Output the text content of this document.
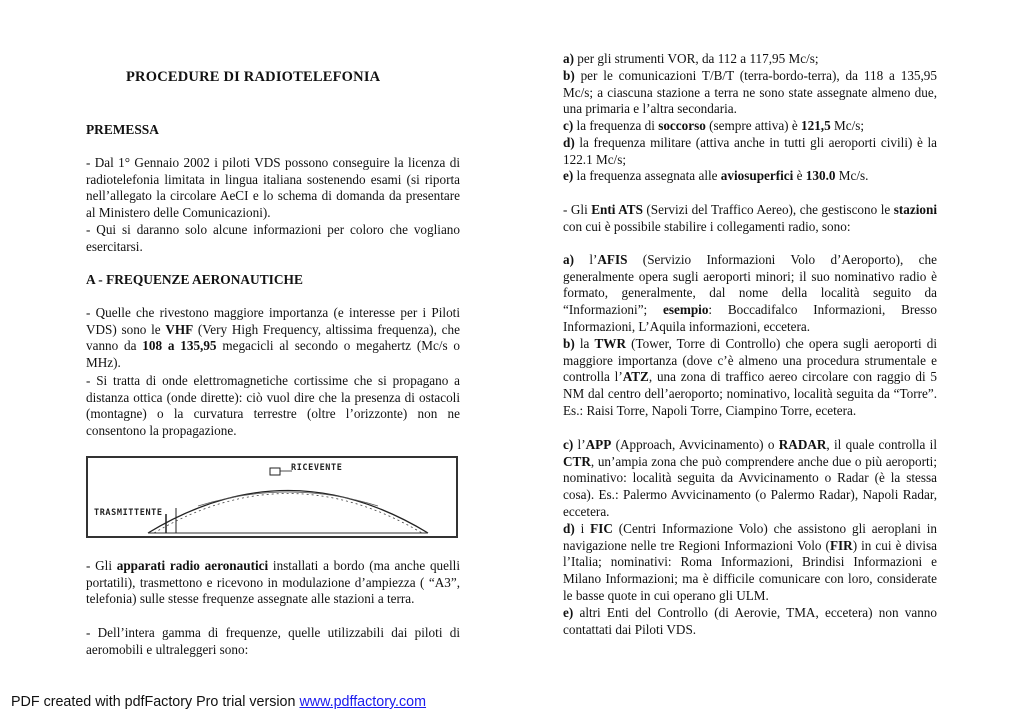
PROCEDURE DI RADIOTELEFONIA
PREMESSA

- Dal 1° Gennaio 2002 i piloti VDS possono conseguire la licenza di radiotelefonia limitata in lingua italiana sostenendo esami (si riporta nell’allegato la circolare AeCI e lo schema di domanda da presentare al Ministero delle Comunicazioni).

- Qui si daranno solo alcune informazioni per coloro che vogliano esercitarsi.

A - FREQUENZE AERONAUTICHE

- Quelle che rivestono maggiore importanza (e interesse per i Piloti VDS) sono le VHF (Very High Frequency, altissima frequenza), che vanno da 108 a 135,95 megacicli al secondo o megahertz (Mc/s o MHz).

- Si tratta di onde elettromagnetiche cortissime che si propagano a distanza ottica (onde dirette): ciò vuol dire che la presenza di ostacoli (montagne) o la curvatura terrestre (oltre l’orizzonte) non ne consentono la propagazione.

RICEVENTE
TRASMITTENTE

- Gli apparati radio aeronautici installati a bordo (ma anche quelli portatili), trasmettono e ricevono in modulazione d’ampiezza ( “A3”, telefonia) sulle stesse frequenze assegnate alle stazioni a terra.

- Dell’intera gamma di frequenze, quelle utilizzabili dai piloti di aeromobili e ultraleggeri sono:

a) per gli strumenti VOR, da 112 a 117,95 Mc/s;

b) per le comunicazioni T/B/T (terra-bordo-terra), da 118 a 135,95 Mc/s; a ciascuna stazione a terra ne sono state assegnate almeno due, una primaria e l’altra secondaria.

c) la frequenza di soccorso (sempre attiva) è 121,5 Mc/s;

d) la frequenza militare (attiva anche in tutti gli aeroporti civili) è la 122.1 Mc/s;

e) la frequenza assegnata alle aviosuperfici è 130.0 Mc/s.

- Gli Enti ATS (Servizi del Traffico Aereo), che gestiscono le stazioni con cui è possibile stabilire i collegamenti radio, sono:

a) l’AFIS (Servizio Informazioni Volo d’Aeroporto), che generalmente opera sugli aeroporti minori; il suo nominativo radio è formato, generalmente, dal nome della località seguito da “Informazioni”; esempio: Boccadifalco Informazioni, Bresso Informazioni, L’Aquila informazioni, eccetera.

b) la TWR (Tower, Torre di Controllo) che opera sugli aeroporti di maggiore importanza (dove c’è almeno una procedura strumentale e controlla l’ATZ, una zona di traffico aereo circolare con raggio di 5 NM dal centro dell’aeroporto; nominativo, località seguita da “Torre”. Es.: Raisi Torre, Napoli Torre, Ciampino Torre, ecetera.

c) l’APP (Approach, Avvicinamento) o RADAR, il quale controlla il CTR, un’ampia zona che può comprendere anche due o più aeroporti; nominativo: località seguita da Avvicinamento o Radar (è la stessa cosa). Es.: Palermo Avvicinamento (o Palermo Radar), Napoli Radar, eccetera.

d) i FIC (Centri Informazione Volo) che assistono gli aeroplani in navigazione nelle tre Regioni Informazioni Volo (FIR) in cui è divisa l’Italia; nominativi: Roma Informazioni, Brindisi Informazioni e Milano Informazioni; ma è difficile comunicare con loro, considerate le basse quote in cui operano gli ULM.

e) altri Enti del Controllo (di Aerovie, TMA, eccetera) non vanno contattati dai Piloti VDS.

PDF created with pdfFactory Pro trial version www.pdffactory.com
